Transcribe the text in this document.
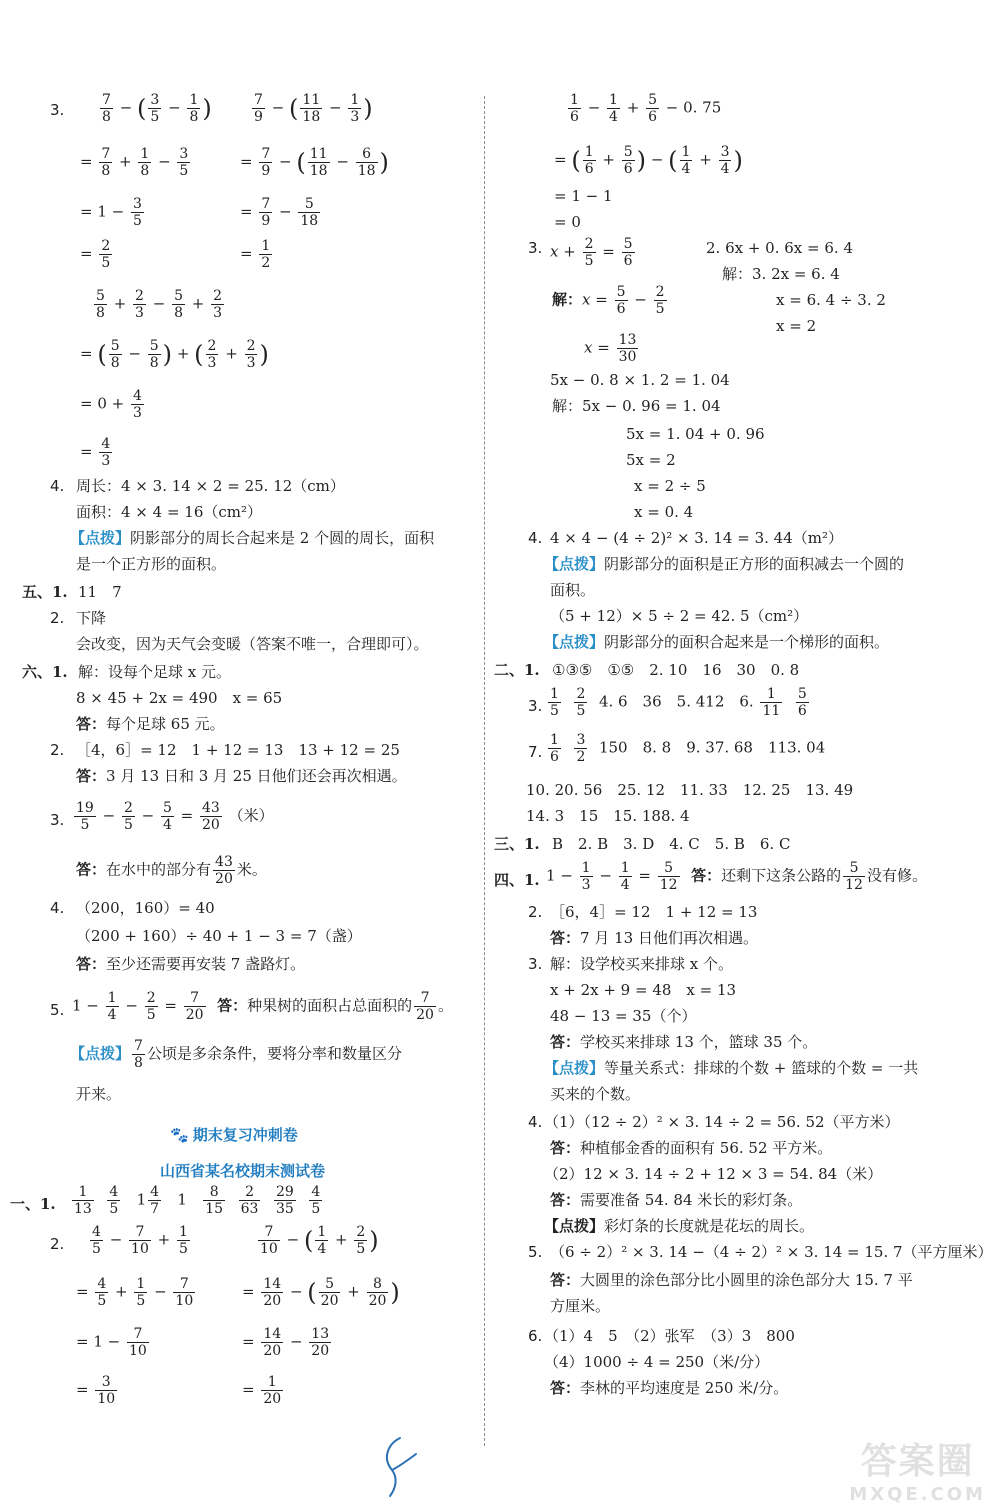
3.	$\frac{7}{8}$ − ( $\frac{3}{5} - \frac{1}{8}$ )	$\frac{7}{9}$ − ( $\frac{11}{18} - \frac{1}{3}$ )
= $\frac{7}{8} + \frac{1}{8} - \frac{3}{5}$	= $\frac{7}{9}$ − ( $\frac{11}{18} - \frac{6}{18}$ )
= $1 - \frac{3}{5}$	= $\frac{7}{9} - \frac{5}{18}$
= $\frac{2}{5}$	= $\frac{1}{2}$
$\frac{5}{8} + \frac{2}{3} - \frac{5}{8} + \frac{2}{3}$
= ( $\frac{5}{8} - \frac{5}{8}$ ) + ( $\frac{2}{3} + \frac{2}{3}$ )
= $0 + \frac{4}{3}$
= $\frac{4}{3}$
4. 周长：4 × 3. 14 × 2 = 25. 12（cm）
面积：4 × 4 = 16（cm²）
【点拨】阴影部分的周长合起来是 2 个圆的周长，面积
是一个正方形的面积。
五、1. 11　7
2. 下降
会改变，因为天气会变暖（答案不唯一，合理即可）。
六、1. 解：设每个足球 x 元。
8 × 45 + 2x = 490　x = 65
答：每个足球 65 元。
2. ［4，6］= 12　1 + 12 = 13　13 + 12 = 25
答：3 月 13 日和 3 月 25 日他们还会再次相遇。
3. $\frac{19}{5} - \frac{2}{5} - \frac{5}{4} = \frac{43}{20}$ （米）
答：在水中的部分有 $\frac{43}{20}$ 米。
4. （200，160）= 40
（200 + 160）÷ 40 + 1 − 3 = 7（盏）
答：至少还需要再安装 7 盏路灯。
5. $1 - \frac{1}{4} - \frac{2}{5} = \frac{7}{20}$ 答：种果树的面积占总面积的 $\frac{7}{20}$ 。
【点拨】 $\frac{7}{8}$ 公顷是多余条件，要将分率和数量区分
开来。
🐾 期末复习冲刺卷
山西省某名校期末测试卷
一、1. $\frac{1}{13}$
$\frac{4}{5} 1 \frac{4}{7} 1 \frac{8}{15}$
$\frac{2}{63}$
$\frac{29}{35}$
$\frac{4}{5}$
2. $\frac{4}{5} - \frac{7}{10} + \frac{1}{5}$	$\frac{7}{10}$ − ( $\frac{1}{4} + \frac{2}{5}$ )
= $\frac{4}{5} + \frac{1}{5} - \frac{7}{10}$	= $\frac{14}{20}$ − ( $\frac{5}{20} + \frac{8}{20}$ )
= $1 - \frac{7}{10}$	= $\frac{14}{20} - \frac{13}{20}$
= $\frac{3}{10}$	= $\frac{1}{20}$
$\frac{1}{6} - \frac{1}{4} + \frac{5}{6} - 0$. 75
= ( $\frac{1}{6} + \frac{5}{6}$ ) − ( $\frac{1}{4} + \frac{3}{4}$ )
= 1 − 1
= 0
3. $x + \frac{2}{5} = \frac{5}{6}$	2. 6x + 0. 6x = 6. 4
解：3. 2x = 6. 4
解：$x = \frac{5}{6} - \frac{2}{5}$	x = 6. 4 ÷ 3. 2
x = 2
$x = \frac{13}{30}$
5x − 0. 8 × 1. 2 = 1. 04
解：5x − 0. 96 = 1. 04
5x = 1. 04 + 0. 96
5x = 2
x = 2 ÷ 5
x = 0. 4
4. 4 × 4 − (4 ÷ 2)² × 3. 14 = 3. 44（m²）
【点拨】阴影部分的面积是正方形的面积减去一个圆的
面积。
（5 + 12）× 5 ÷ 2 = 42. 5（cm²）
【点拨】阴影部分的面积合起来是一个梯形的面积。
二、1. ①③⑤　①⑤　2. 10　16　30　0. 8
3. $\frac{1}{5}$
$\frac{2}{5} 4$. 6　36　5. 412　6. $\frac{1}{11}$
$\frac{5}{6}$
7. $\frac{1}{6}$
$\frac{3}{2} 150$　8. 8　9. 37. 68　113. 04
10. 20. 56　25. 12　11. 33　12. 25　13. 49
14. 3　15　15. 188. 4
三、1. B　2. B　3. D　4. C　5. B　6. C
四、1. $1 - \frac{1}{3} - \frac{1}{4} = \frac{5}{12}$ 答：还剩下这条公路的 $\frac{5}{12}$ 没有修。
2. ［6，4］= 12　1 + 12 = 13
答：7 月 13 日他们再次相遇。
3. 解：设学校买来排球 x 个。
x + 2x + 9 = 48　x = 13
48 − 13 = 35（个）
答：学校买来排球 13 个，篮球 35 个。
【点拨】等量关系式：排球的个数 + 篮球的个数 = 一共
买来的个数。
4. （1）（12 ÷ 2）² × 3. 14 ÷ 2 = 56. 52（平方米）
答：种植郁金香的面积有 56. 52 平方米。
（2）12 × 3. 14 ÷ 2 + 12 × 3 = 54. 84（米）
答：需要准备 54. 84 米长的彩灯条。
【点拨】彩灯条的长度就是花坛的周长。
5. （6 ÷ 2）² × 3. 14 −（4 ÷ 2）² × 3. 14 = 15. 7（平方厘米）
答：大圆里的涂色部分比小圆里的涂色部分大 15. 7 平
方厘米。
6. （1）4　5　（2）张军　（3）3　800
（4）1000 ÷ 4 = 250（米/分）
答：李林的平均速度是 250 米/分。
答案圈
MXQE.COM
